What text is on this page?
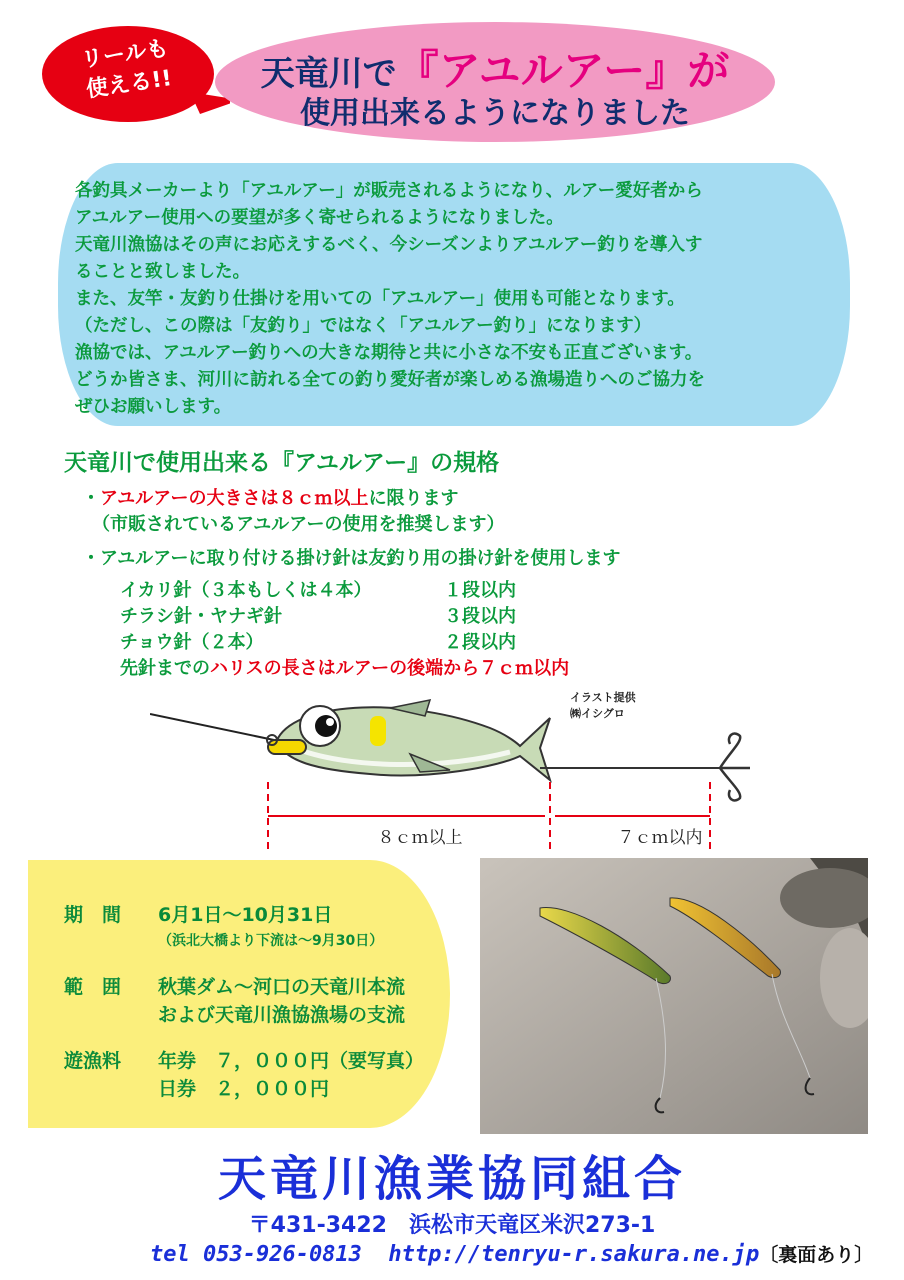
リールも
使える!!	天竜川で『アユルアー』が
使用出来るようになりました
各釣具メーカーより「アユルアー」が販売されるようになり、ルアー愛好者から
アユルアー使用への要望が多く寄せられるようになりました。
天竜川漁協はその声にお応えするべく、今シーズンよりアユルアー釣りを導入す
ることと致しました。
また、友竿・友釣り仕掛けを用いての「アユルアー」使用も可能となります。
（ただし、この際は「友釣り」ではなく「アユルアー釣り」になります）
漁協では、アユルアー釣りへの大きな期待と共に小さな不安も正直ございます。
どうか皆さま、河川に訪れる全ての釣り愛好者が楽しめる漁場造りへのご協力を
ぜひお願いします。
天竜川で使用出来る『アユルアー』の規格
・アユルアーの大きさは８ｃｍ以上に限ります
（市販されているアユルアーの使用を推奨します）
・アユルアーに取り付ける掛け針は友釣り用の掛け針を使用します
イカリ針（３本もしくは４本）	１段以内
チラシ針・ヤナギ針	３段以内
チョウ針（２本）	２段以内
先針までのハリスの長さはルアーの後端から７ｃｍ以内
イラスト提供
㈱イシグロ
８ｃｍ以上	７ｃｍ以内
期　間 6月1日～10月31日
（浜北大橋より下流は～9月30日）
範　囲 秋葉ダム～河口の天竜川本流
および天竜川漁協漁場の支流
遊漁料 年券　７，０００円（要写真）
日券　２，０００円
天竜川漁業協同組合
〒431-3422　浜松市天竜区米沢273-1
tel 053-926-0813 http://tenryu-r.sakura.ne.jp〔裏面あり〕
